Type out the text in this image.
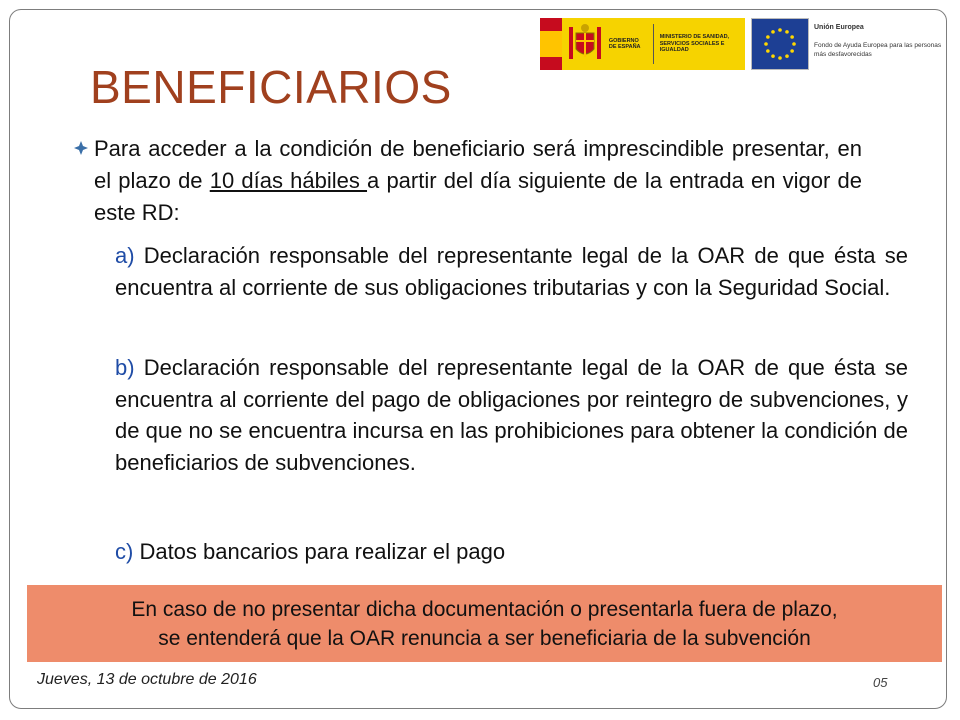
GOBIERNO DE ESPAÑA
MINISTERIO DE SANIDAD, SERVICIOS SOCIALES E IGUALDAD
Unión Europea
Fondo de Ayuda Europea para las personas más desfavorecidas
BENEFICIARIOS
Para acceder a la condición de beneficiario será imprescindible presentar, en el plazo de 10 días hábiles a partir del día siguiente de la entrada en vigor de este RD:
a) Declaración responsable del representante legal de la OAR de que ésta se encuentra al corriente de sus obligaciones tributarias y con la Seguridad Social.
b) Declaración responsable del representante legal de la OAR de que ésta se encuentra al corriente del pago de obligaciones por reintegro de subvenciones, y de que no se encuentra incursa en las prohibiciones para obtener la condición de beneficiarios de subvenciones.
c) Datos bancarios para realizar el pago
En caso de no presentar dicha documentación o presentarla fuera de plazo,
se entenderá que la OAR renuncia a ser beneficiaria de la subvención
Jueves, 13 de octubre de 2016	05
